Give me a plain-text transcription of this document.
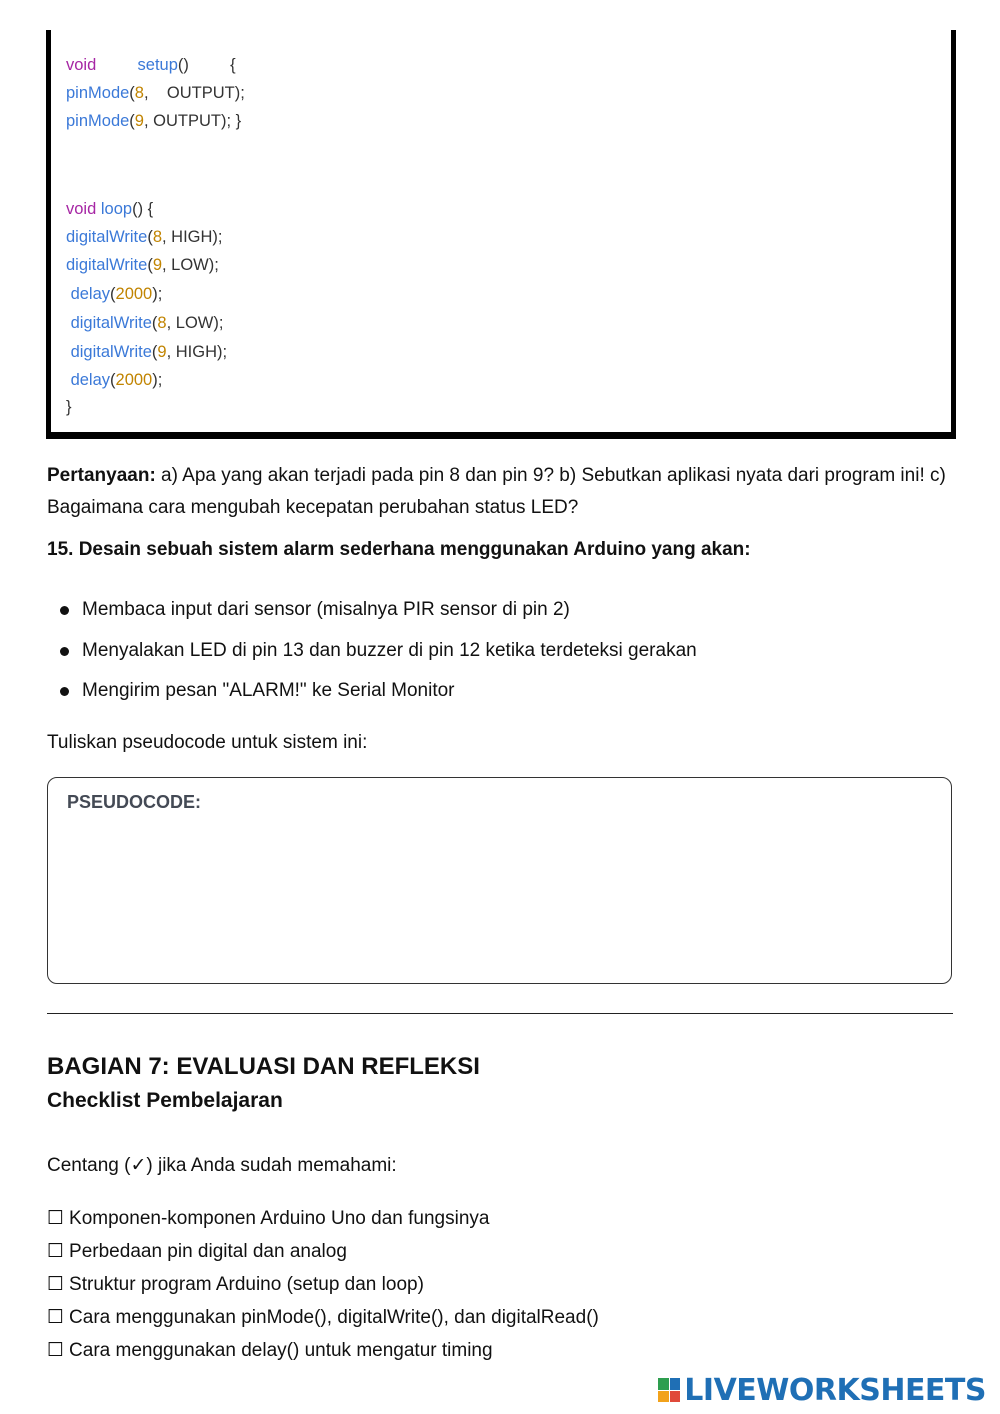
void	setup()         {
pinMode(8,    OUTPUT);
pinMode(9, OUTPUT); }
void loop() {
digitalWrite(8, HIGH);
digitalWrite(9, LOW);
delay(2000);
digitalWrite(8, LOW);
digitalWrite(9, HIGH);
delay(2000);
}

Pertanyaan: a) Apa yang akan terjadi pada pin 8 dan pin 9? b) Sebutkan aplikasi nyata dari program ini! c) Bagaimana cara mengubah kecepatan perubahan status LED?

15. Desain sebuah sistem alarm sederhana menggunakan Arduino yang akan:

Membaca input dari sensor (misalnya PIR sensor di pin 2)
Menyalakan LED di pin 13 dan buzzer di pin 12 ketika terdeteksi gerakan
Mengirim pesan "ALARM!" ke Serial Monitor

Tuliskan pseudocode untuk sistem ini:

PSEUDOCODE:
BAGIAN 7: EVALUASI DAN REFLEKSI
Checklist Pembelajaran

Centang (✓) jika Anda sudah memahami:

☐ Komponen-komponen Arduino Uno dan fungsinya
☐ Perbedaan pin digital dan analog
☐ Struktur program Arduino (setup dan loop)
☐ Cara menggunakan pinMode(), digitalWrite(), dan digitalRead()
☐ Cara menggunakan delay() untuk mengatur timing
LIVEWORKSHEETS
